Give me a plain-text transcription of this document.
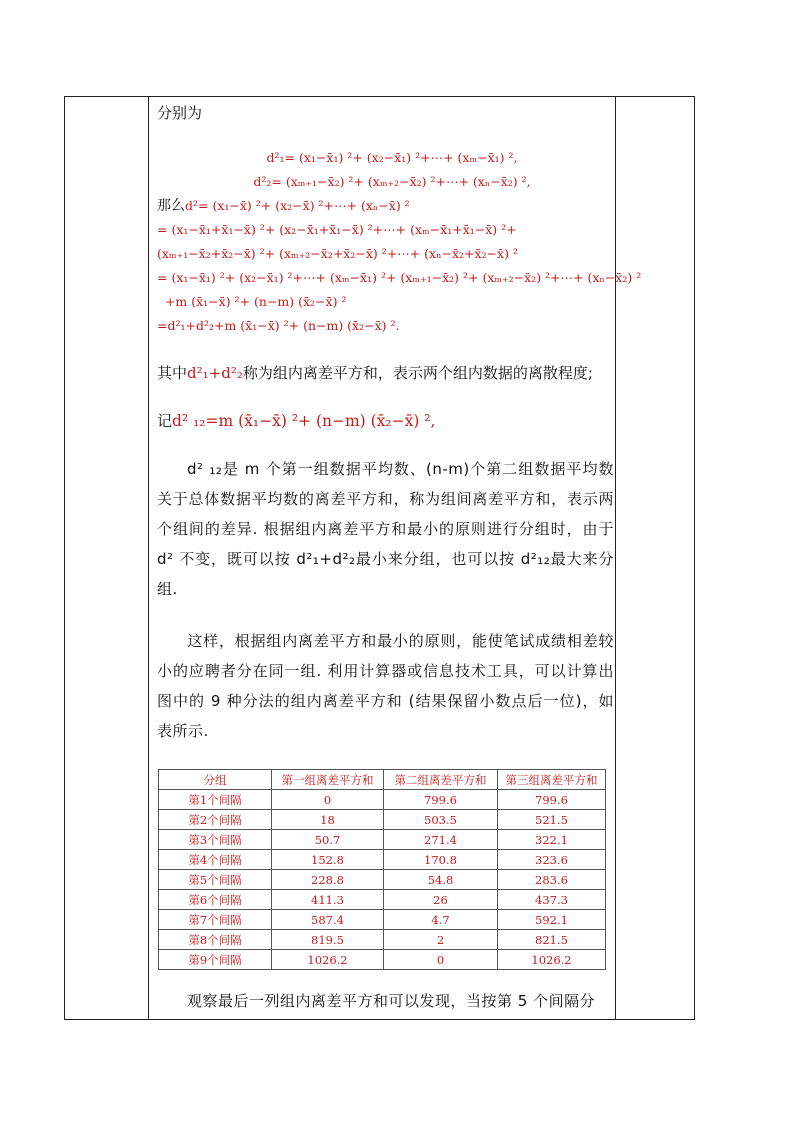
分别为
d²₁= (x₁−x̄₁) ²+ (x₂−x̄₁) ²+⋯+ (xₘ−x̄₁) ²,
d²₂= (xₘ₊₁−x̄₂) ²+ (xₘ₊₂−x̄₂) ²+⋯+ (xₙ−x̄₂) ²,
那么d²= (x₁−x̄) ²+ (x₂−x̄) ²+⋯+ (xₙ−x̄) ²
= (x₁−x̄₁+x̄₁−x̄) ²+ (x₂−x̄₁+x̄₁−x̄) ²+⋯+ (xₘ−x̄₁+x̄₁−x̄) ²+
(xₘ₊₁−x̄₂+x̄₂−x̄) ²+ (xₘ₊₂−x̄₂+x̄₂−x̄) ²+⋯+ (xₙ−x̄₂+x̄₂−x̄) ²
= (x₁−x̄₁) ²+ (x₂−x̄₁) ²+⋯+ (xₘ−x̄₁) ²+ (xₘ₊₁−x̄₂) ²+ (xₘ₊₂−x̄₂) ²+⋯+ (xₙ−x̄₂) ²
+m (x̄₁−x̄) ²+ (n−m) (x̄₂−x̄) ²
=d²₁+d²₂+m (x̄₁−x̄) ²+ (n−m) (x̄₂−x̄) ².
其中d²₁+d²₂称为组内离差平方和，表示两个组内数据的离散程度;
记d² ₁₂=m (x̄₁−x̄) ²+ (n−m) (x̄₂−x̄) ²,
d² ₁₂是 m 个第一组数据平均数、(n-m)个第二组数据平均数关于总体数据平均数的离差平方和，称为组间离差平方和，表示两个组间的差异. 根据组内离差平方和最小的原则进行分组时，由于 d² 不变，既可以按 d²₁+d²₂最小来分组，也可以按 d²₁₂最大来分组.
这样，根据组内离差平方和最小的原则，能使笔试成绩相差较小的应聘者分在同一组. 利用计算器或信息技术工具，可以计算出图中的 9 种分法的组内离差平方和 (结果保留小数点后一位)，如表所示.
观察最后一列组内离差平方和可以发现，当按第 5 个间隔分
分组	第一组离差平方和	第二组离差平方和	第三组离差平方和
第1个间隔	0	799.6	799.6
第2个间隔	18	503.5	521.5
第3个间隔	50.7	271.4	322.1
第4个间隔	152.8	170.8	323.6
第5个间隔	228.8	54.8	283.6
第6个间隔	411.3	26	437.3
第7个间隔	587.4	4.7	592.1
第8个间隔	819.5	2	821.5
第9个间隔	1026.2	0	1026.2
